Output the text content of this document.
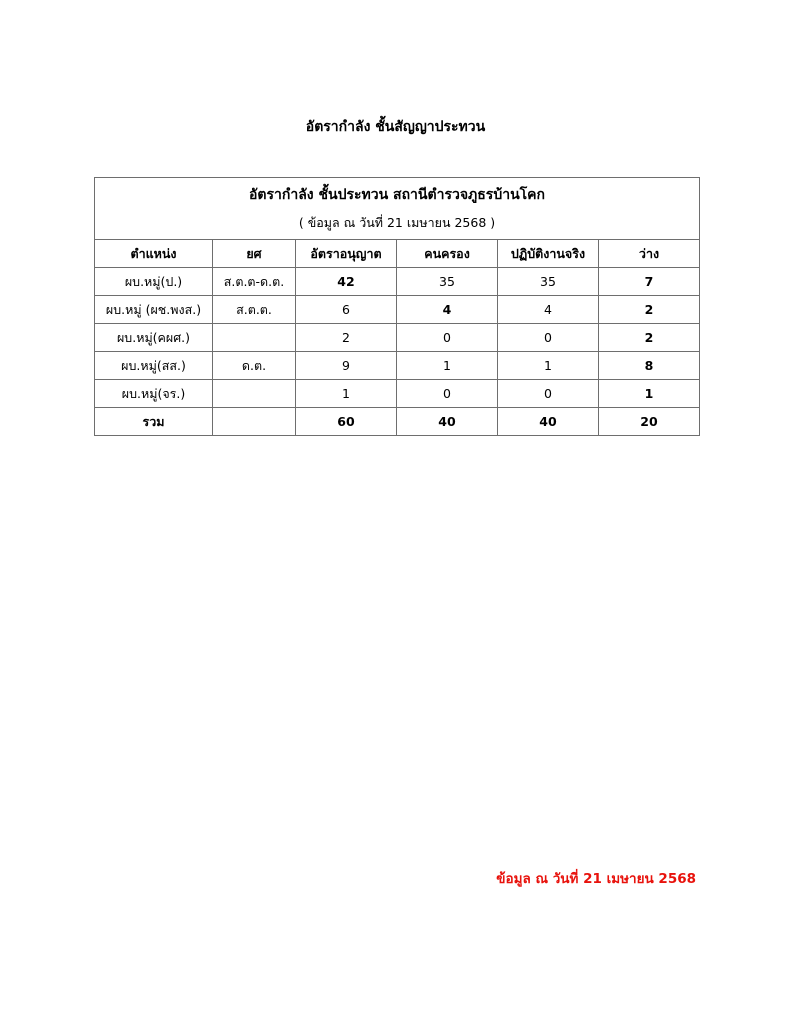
อัตรากำลัง ชั้นสัญญาประทวน
อัตรากำลัง ชั้นประทวน สถานีตำรวจภูธรบ้านโคก
( ข้อมูล ณ วันที่ 21 เมษายน 2568 )					

ตำแหน่ง	ยศ	อัตราอนุญาต	คนครอง	ปฏิบัติงานจริง	ว่าง
ผบ.หมู่(ป.)	ส.ต.ต-ด.ต.	42	35	35	7
ผบ.หมู่ (ผช.พงส.)	ส.ต.ต.	6	4	4	2
ผบ.หมู่(คผศ.)		2	0	0	2
ผบ.หมู่(สส.)	ด.ต.	9	1	1	8
ผบ.หมู่(จร.)		1	0	0	1
รวม		60	40	40	20
ข้อมูล ณ วันที่ 21 เมษายน 2568
